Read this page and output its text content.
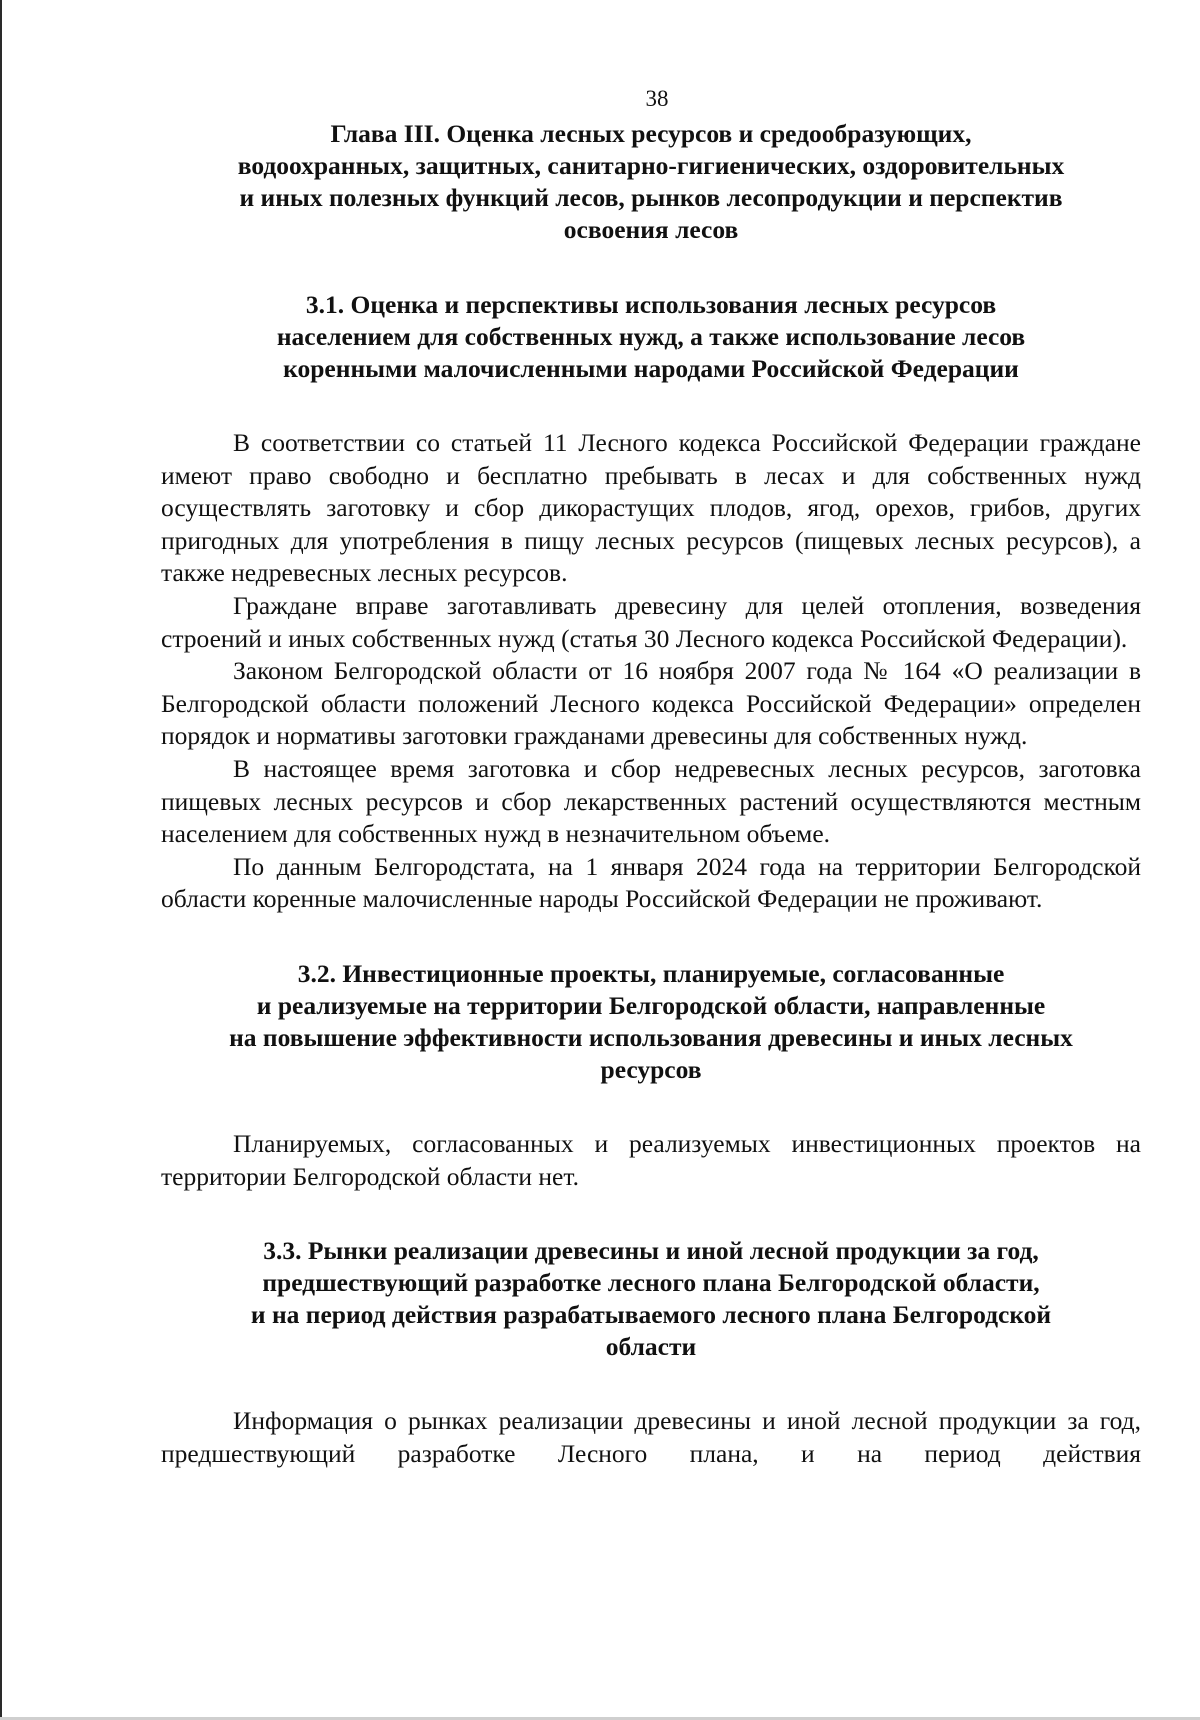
38
Глава III. Оценка лесных ресурсов и средообразующих,
водоохранных, защитных, санитарно-гигиенических, оздоровительных
и иных полезных функций лесов, рынков лесопродукции и перспектив
освоения лесов
3.1. Оценка и перспективы использования лесных ресурсов
населением для собственных нужд, а также использование лесов
коренными малочисленными народами Российской Федерации

В соответствии со статьей 11 Лесного кодекса Российской Федерации граждане имеют право свободно и бесплатно пребывать в лесах и для собственных нужд осуществлять заготовку и сбор дикорастущих плодов, ягод, орехов, грибов, других пригодных для употребления в пищу лесных ресурсов (пищевых лесных ресурсов), а также недревесных лесных ресурсов.

Граждане вправе заготавливать древесину для целей отопления, возведения строений и иных собственных нужд (статья 30 Лесного кодекса Российской Федерации).

Законом Белгородской области от 16 ноября 2007 года № 164 «О реализации в Белгородской области положений Лесного кодекса Российской Федерации» определен порядок и нормативы заготовки гражданами древесины для собственных нужд.

В настоящее время заготовка и сбор недревесных лесных ресурсов, заготовка пищевых лесных ресурсов и сбор лекарственных растений осуществляются местным населением для собственных нужд в незначительном объеме.

По данным Белгородстата, на 1 января 2024 года на территории Белгородской области коренные малочисленные народы Российской Федерации не проживают.

3.2. Инвестиционные проекты, планируемые, согласованные
и реализуемые на территории Белгородской области, направленные
на повышение эффективности использования древесины и иных лесных
ресурсов

Планируемых, согласованных и реализуемых инвестиционных проектов на территории Белгородской области нет.

3.3. Рынки реализации древесины и иной лесной продукции за год,
предшествующий разработке лесного плана Белгородской области,
и на период действия разрабатываемого лесного плана Белгородской
области

Информация о рынках реализации древесины и иной лесной продукции за год, предшествующий разработке Лесного плана, и на период действия
